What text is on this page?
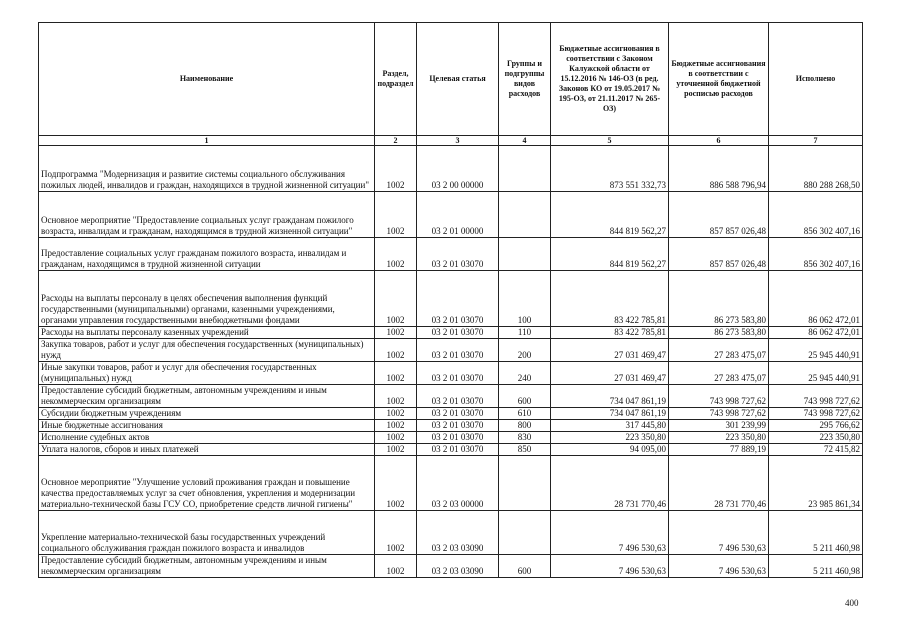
Наименование	Раздел, подраздел	Целевая статья	Группы и подгруппы видов расходов	Бюджетные ассигнования в соответствии с Законом Калужской области от 15.12.2016 № 146-ОЗ (в ред. Законов КО от 19.05.2017 № 195-ОЗ, от 21.11.2017 № 265-ОЗ)	Бюджетные ассигнования в соответствии с уточненной бюджетной росписью расходов	Исполнено
1	2	3	4	5	6	7
Подпрограмма "Модернизация и развитие системы социального обслуживания пожилых людей, инвалидов и граждан, находящихся в трудной жизненной ситуации"	1002	03 2 00 00000		873 551 332,73	886 588 796,94	880 288 268,50
Основное мероприятие "Предоставление социальных услуг гражданам пожилого возраста, инвалидам и гражданам, находящимся в трудной жизненной ситуации"	1002	03 2 01 00000		844 819 562,27	857 857 026,48	856 302 407,16
Предоставление социальных услуг гражданам пожилого возраста, инвалидам и гражданам, находящимся в трудной жизненной ситуации	1002	03 2 01 03070		844 819 562,27	857 857 026,48	856 302 407,16
Расходы на выплаты персоналу в целях обеспечения выполнения функций государственными (муниципальными) органами, казенными учреждениями, органами управления государственными внебюджетными фондами	1002	03 2 01 03070	100	83 422 785,81	86 273 583,80	86 062 472,01
Расходы на выплаты персоналу казенных учреждений	1002	03 2 01 03070	110	83 422 785,81	86 273 583,80	86 062 472,01
Закупка товаров, работ и услуг для обеспечения государственных (муниципальных) нужд	1002	03 2 01 03070	200	27 031 469,47	27 283 475,07	25 945 440,91
Иные закупки товаров, работ и услуг для обеспечения государственных (муниципальных) нужд	1002	03 2 01 03070	240	27 031 469,47	27 283 475,07	25 945 440,91
Предоставление субсидий бюджетным, автономным учреждениям и иным некоммерческим организациям	1002	03 2 01 03070	600	734 047 861,19	743 998 727,62	743 998 727,62
Субсидии бюджетным учреждениям	1002	03 2 01 03070	610	734 047 861,19	743 998 727,62	743 998 727,62
Иные бюджетные ассигнования	1002	03 2 01 03070	800	317 445,80	301 239,99	295 766,62
Исполнение судебных актов	1002	03 2 01 03070	830	223 350,80	223 350,80	223 350,80
Уплата налогов, сборов и иных платежей	1002	03 2 01 03070	850	94 095,00	77 889,19	72 415,82
Основное мероприятие "Улучшение условий проживания граждан и повышение качества предоставляемых услуг за счет обновления, укрепления и модернизации материально-технической базы ГСУ СО, приобретение средств личной гигиены"	1002	03 2 03 00000		28 731 770,46	28 731 770,46	23 985 861,34
Укрепление материально-технической базы государственных учреждений социального обслуживания граждан пожилого возраста и инвалидов	1002	03 2 03 03090		7 496 530,63	7 496 530,63	5 211 460,98
Предоставление субсидий бюджетным, автономным учреждениям и иным некоммерческим организациям	1002	03 2 03 03090	600	7 496 530,63	7 496 530,63	5 211 460,98
400
